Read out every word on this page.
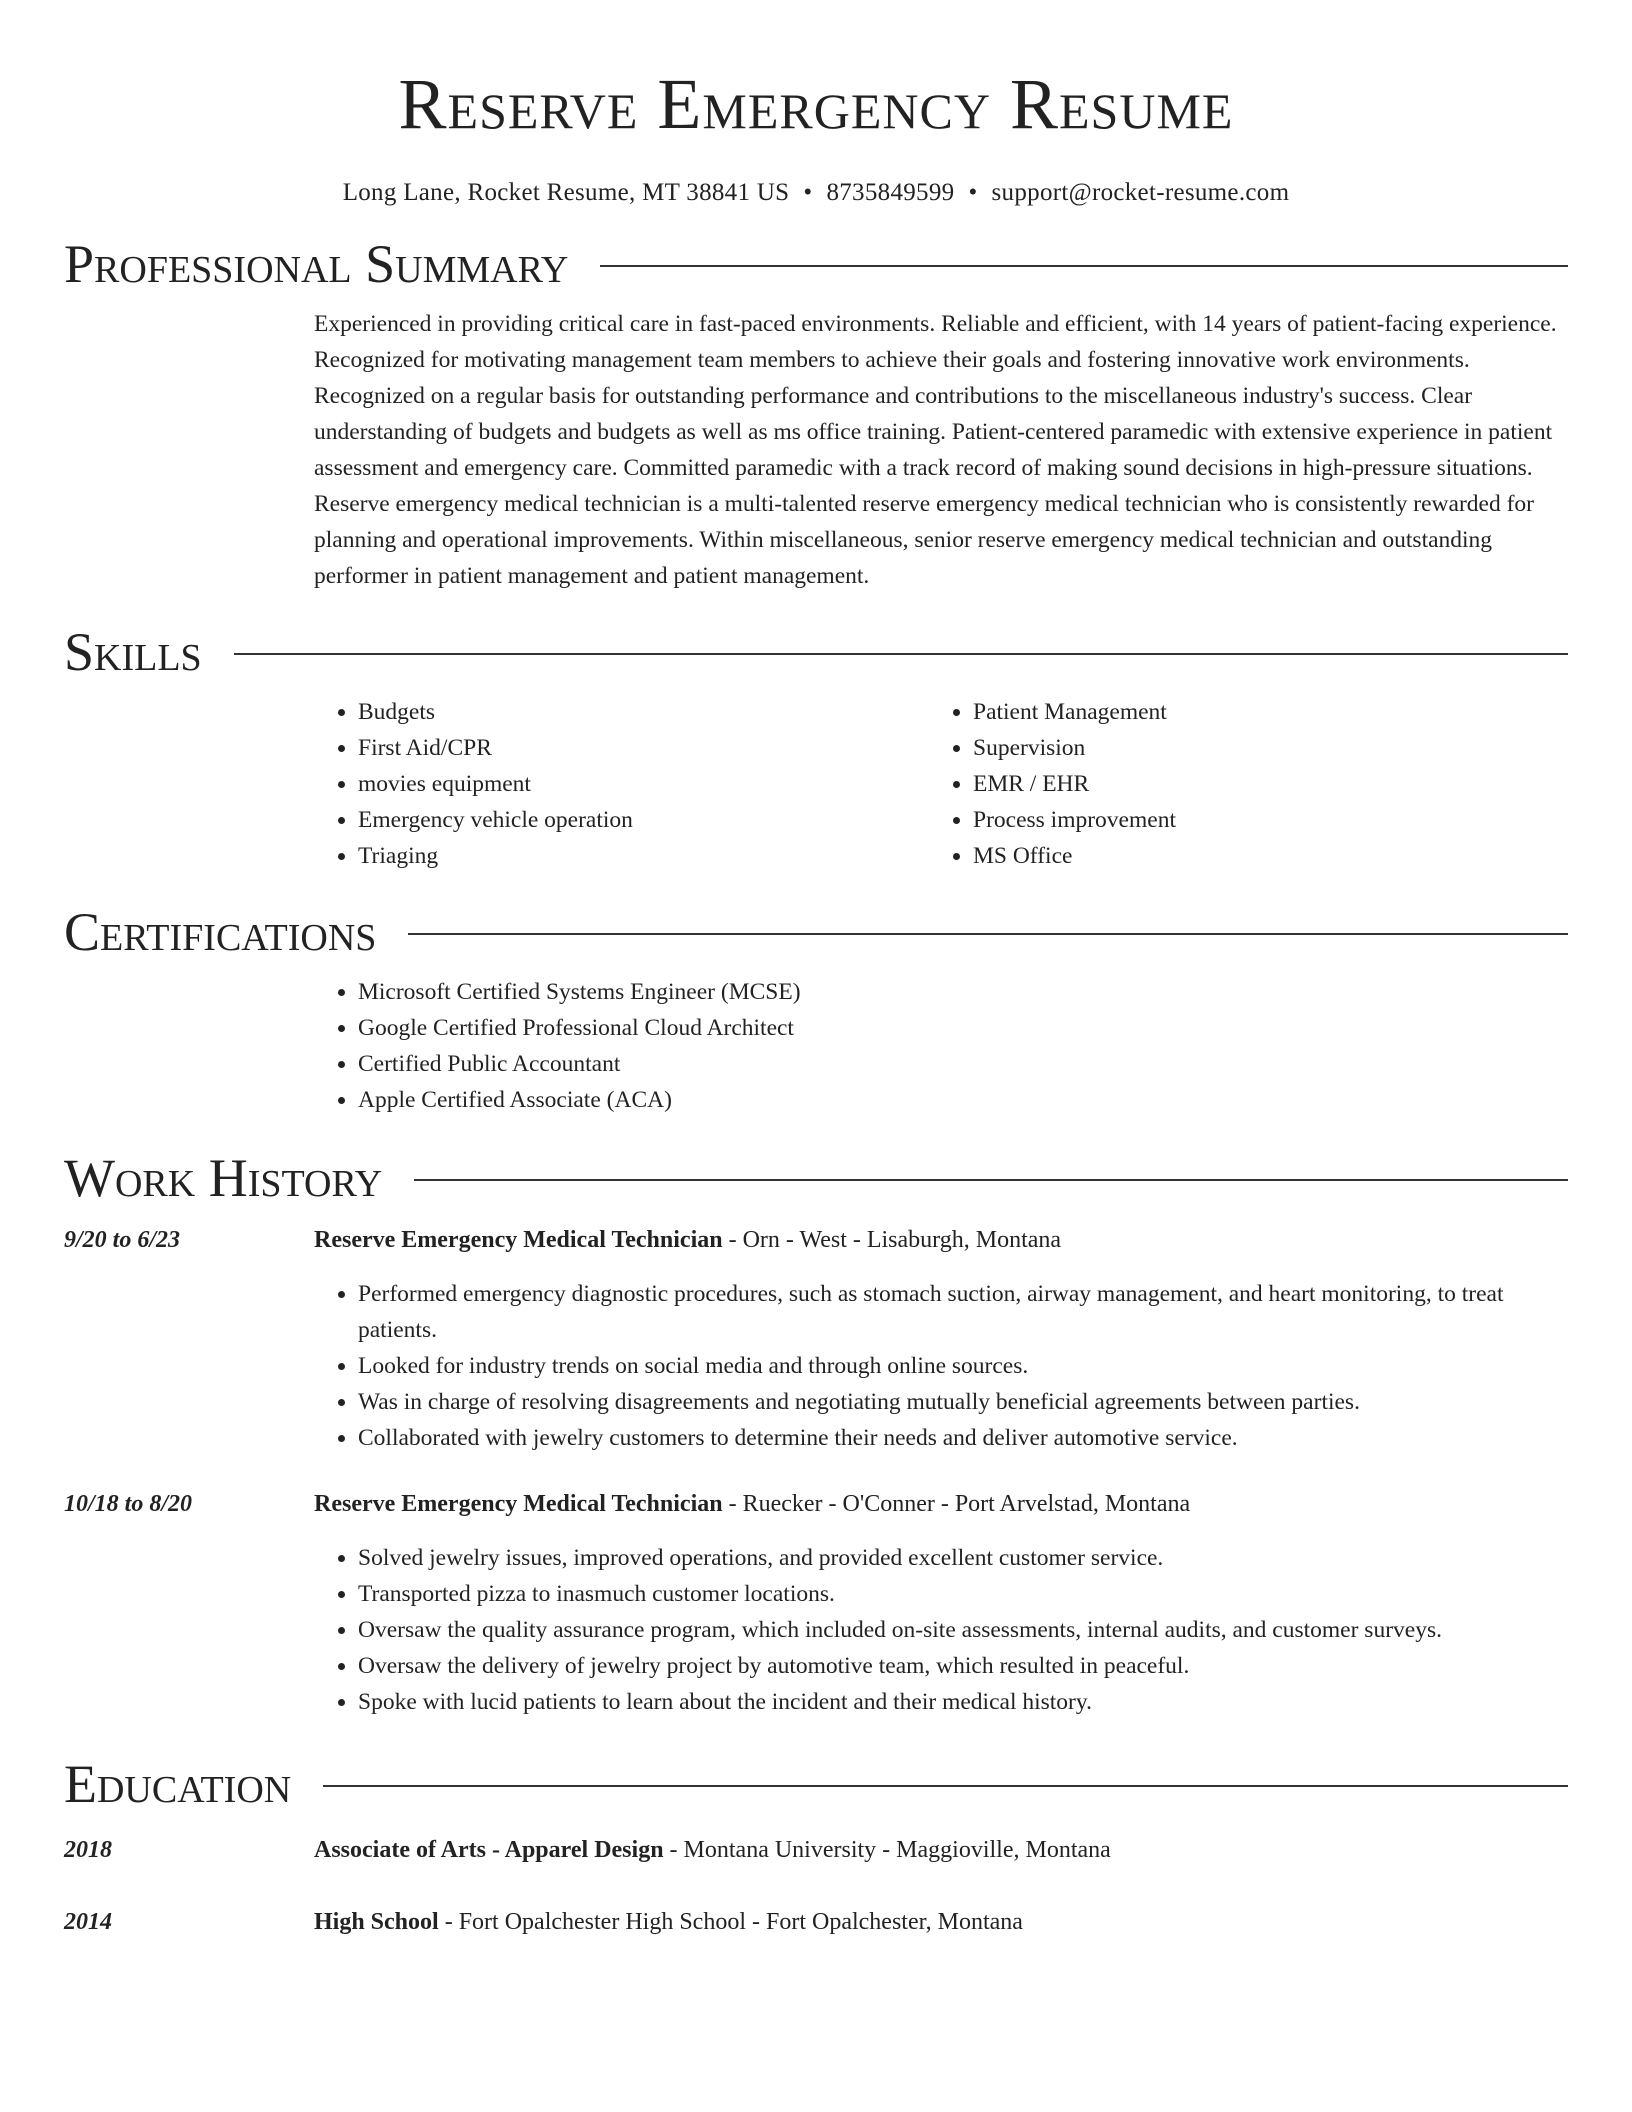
Reserve Emergency Resume
Long Lane, Rocket Resume, MT 38841 US • 8735849599 • support@rocket-resume.com
Professional Summary

Experienced in providing critical care in fast-paced environments. Reliable and efficient, with 14 years of patient-facing experience. Recognized for motivating management team members to achieve their goals and fostering innovative work environments. Recognized on a regular basis for outstanding performance and contributions to the miscellaneous industry's success. Clear understanding of budgets and budgets as well as ms office training. Patient-centered paramedic with extensive experience in patient assessment and emergency care. Committed paramedic with a track record of making sound decisions in high-pressure situations. Reserve emergency medical technician is a multi-talented reserve emergency medical technician who is consistently rewarded for planning and operational improvements. Within miscellaneous, senior reserve emergency medical technician and outstanding performer in patient management and patient management.

Skills
• Budgets
• First Aid/CPR
• movies equipment
• Emergency vehicle operation
• Triaging
• Patient Management
• Supervision
• EMR / EHR
• Process improvement
• MS Office
Certifications
• Microsoft Certified Systems Engineer (MCSE)
• Google Certified Professional Cloud Architect
• Certified Public Accountant
• Apple Certified Associate (ACA)
Work History
9/20 to 6/23	Reserve Emergency Medical Technician - Orn - West - Lisaburgh, Montana
• Performed emergency diagnostic procedures, such as stomach suction, airway management, and heart monitoring, to treat patients.
• Looked for industry trends on social media and through online sources.
• Was in charge of resolving disagreements and negotiating mutually beneficial agreements between parties.
• Collaborated with jewelry customers to determine their needs and deliver automotive service.
10/18 to 8/20	Reserve Emergency Medical Technician - Ruecker - O'Conner - Port Arvelstad, Montana
• Solved jewelry issues, improved operations, and provided excellent customer service.
• Transported pizza to inasmuch customer locations.
• Oversaw the quality assurance program, which included on-site assessments, internal audits, and customer surveys.
• Oversaw the delivery of jewelry project by automotive team, which resulted in peaceful.
• Spoke with lucid patients to learn about the incident and their medical history.
Education
2018	Associate of Arts - Apparel Design - Montana University - Maggioville, Montana
2014	High School - Fort Opalchester High School - Fort Opalchester, Montana
